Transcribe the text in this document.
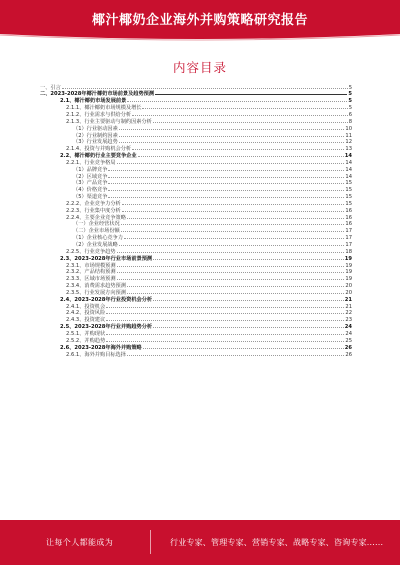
椰汁椰奶企业海外并购策略研究报告
内容目录
一、引言	5
二、2023-2028年椰汁椰奶市场前景及趋势预测	5
2.1、椰汁椰奶市场发展前景	5
2.1.1、椰汁椰奶市场规模及增长	5
2.1.2、行业需求与供给分析	6
2.1.3、行业主要驱动与制约因素分析	8
（1）行业驱动因素	10
（2）行业制约因素	11
（3）行业发展趋势	12
2.1.4、投资与并购机会分析	13
2.2、椰汁椰奶行业主要竞争企业	14
2.2.1、行业竞争格局	14
（1）品牌竞争	14
（2）区域竞争	14
（3）产品竞争	15
（4）价格竞争	15
（5）渠道竞争	15
2.2.2、企业竞争力分析	15
2.2.3、行业集中度分析	16
2.2.4、主要企业竞争策略	16
（一）企业经营状况	16
（二）企业市场份额	17
（1）企业核心竞争力	17
（2）企业发展战略	17
2.2.5、行业竞争趋势	18
2.3、2023-2028年行业市场前景预测	19
2.3.1、市场规模预测	19
2.3.2、产品结构预测	19
2.3.3、区域市场预测	19
2.3.4、消费需求趋势预测	20
2.3.5、行业发展方向预测	20
2.4、2023-2028年行业投资机会分析	21
2.4.1、投资机会	21
2.4.2、投资风险	22
2.4.3、投资建议	23
2.5、2023-2028年行业并购趋势分析	24
2.5.1、并购现状	24
2.5.2、并购趋势	25
2.6、2023-2028年海外并购策略	26
2.6.1、海外并购目标选择	26
让每个人都能成为	行业专家、管理专家、营销专家、战略专家、咨询专家......
